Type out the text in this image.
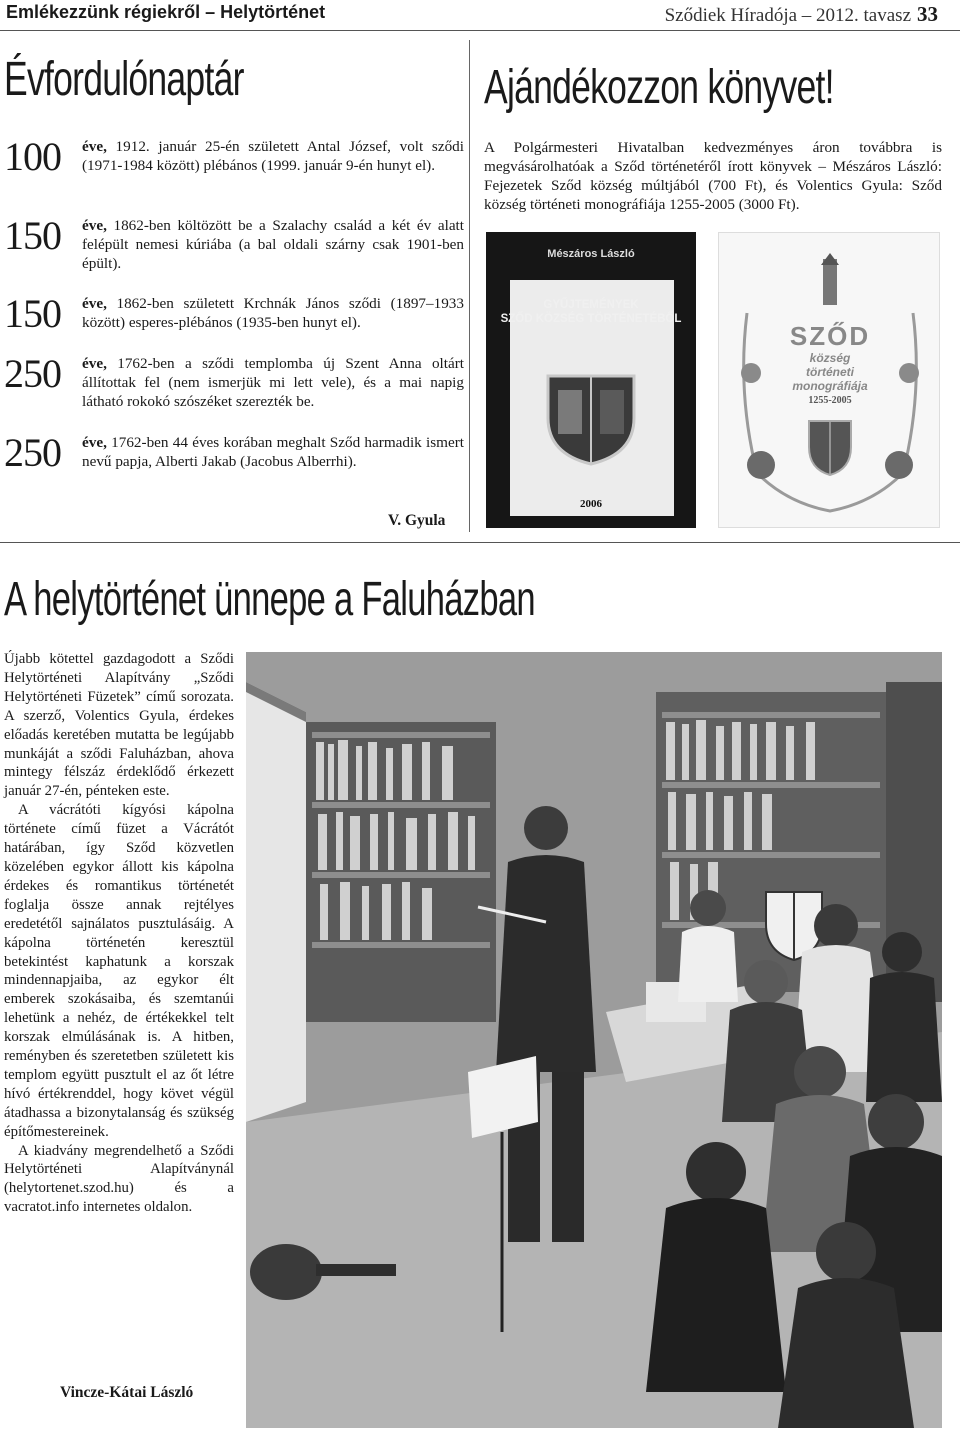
Emlékezzünk régiekről – Helytörténet	Sződiek Híradója – 2012. tavasz 33
Évfordulónaptár
100 éve, 1912. január 25-én született Antal József, volt sződi (1971-1984 között) plébános (1999. január 9-én hunyt el).
150 éve, 1862-ben költözött be a Szalachy család a két év alatt felépült nemesi kúriába (a bal oldali szárny csak 1901-ben épült).
150 éve, 1862-ben született Krchnák János sződi (1897–1933 között) esperes-plébános (1935-ben hunyt el).
250 éve, 1762-ben a sződi templomba új Szent Anna oltárt állítottak fel (nem ismerjük mi lett vele), és a mai napig látható rokokó szószéket szerezték be.
250 éve, 1762-ben 44 éves korában meghalt Sződ harmadik ismert nevű papja, Alberti Jakab (Jacobus Alberrhi).
V. Gyula
Ajándékozzon könyvet!
A Polgármesteri Hivatalban kedvezményes áron továbbra is megvásárolhatóak a Sződ történetéről írott könyvek – Mészáros László: Fejezetek Sződ község múltjából (700 Ft), és Volentics Gyula: Sződ község történeti monográfiája 1255-2005 (3000 Ft).
Mészáros László
GYŰJTEMÉNYEK
SZŐD KÖZSÉG TÖRTÉNETÉBŐL
2006
SZŐD
község
történeti
monográfiája
1255-2005
A helytörténet ünnepe a Faluházban

Újabb kötettel gazdagodott a Sződi Helytörténeti Alapítvány „Sződi Helytörténeti Füzetek” című sorozata. A szerző, Volentics Gyula, érdekes előadás keretében mutatta be legújabb munkáját a sződi Faluházban, ahova mintegy félszáz érdeklődő érkezett január 27-én, pénteken este.

A vácrátóti kígyósi kápolna története című füzet a Vácrátót határában, így Sződ közvetlen közelében egykor állott kis kápolna érdekes és romantikus történetét foglalja össze annak rejtélyes eredetétől sajnálatos pusztulásáig. A kápolna történetén keresztül betekintést kaphatunk a korszak mindennapjaiba, az egykor élt emberek szokásaiba, és szemtanúi lehetünk a nehéz, de értékekkel telt korszak elmúlásának is. A hitben, reményben és szeretetben született kis templom együtt pusztult el az őt létre hívó értékrenddel, hogy követ végül átadhassa a bizonytalanság és szükség építőmestereinek.

A kiadvány megrendelhető a Sződi Helytörténeti Alapítványnál (helytortenet.szod.hu) és a vacratot.info internetes oldalon.

Vincze-Kátai László
